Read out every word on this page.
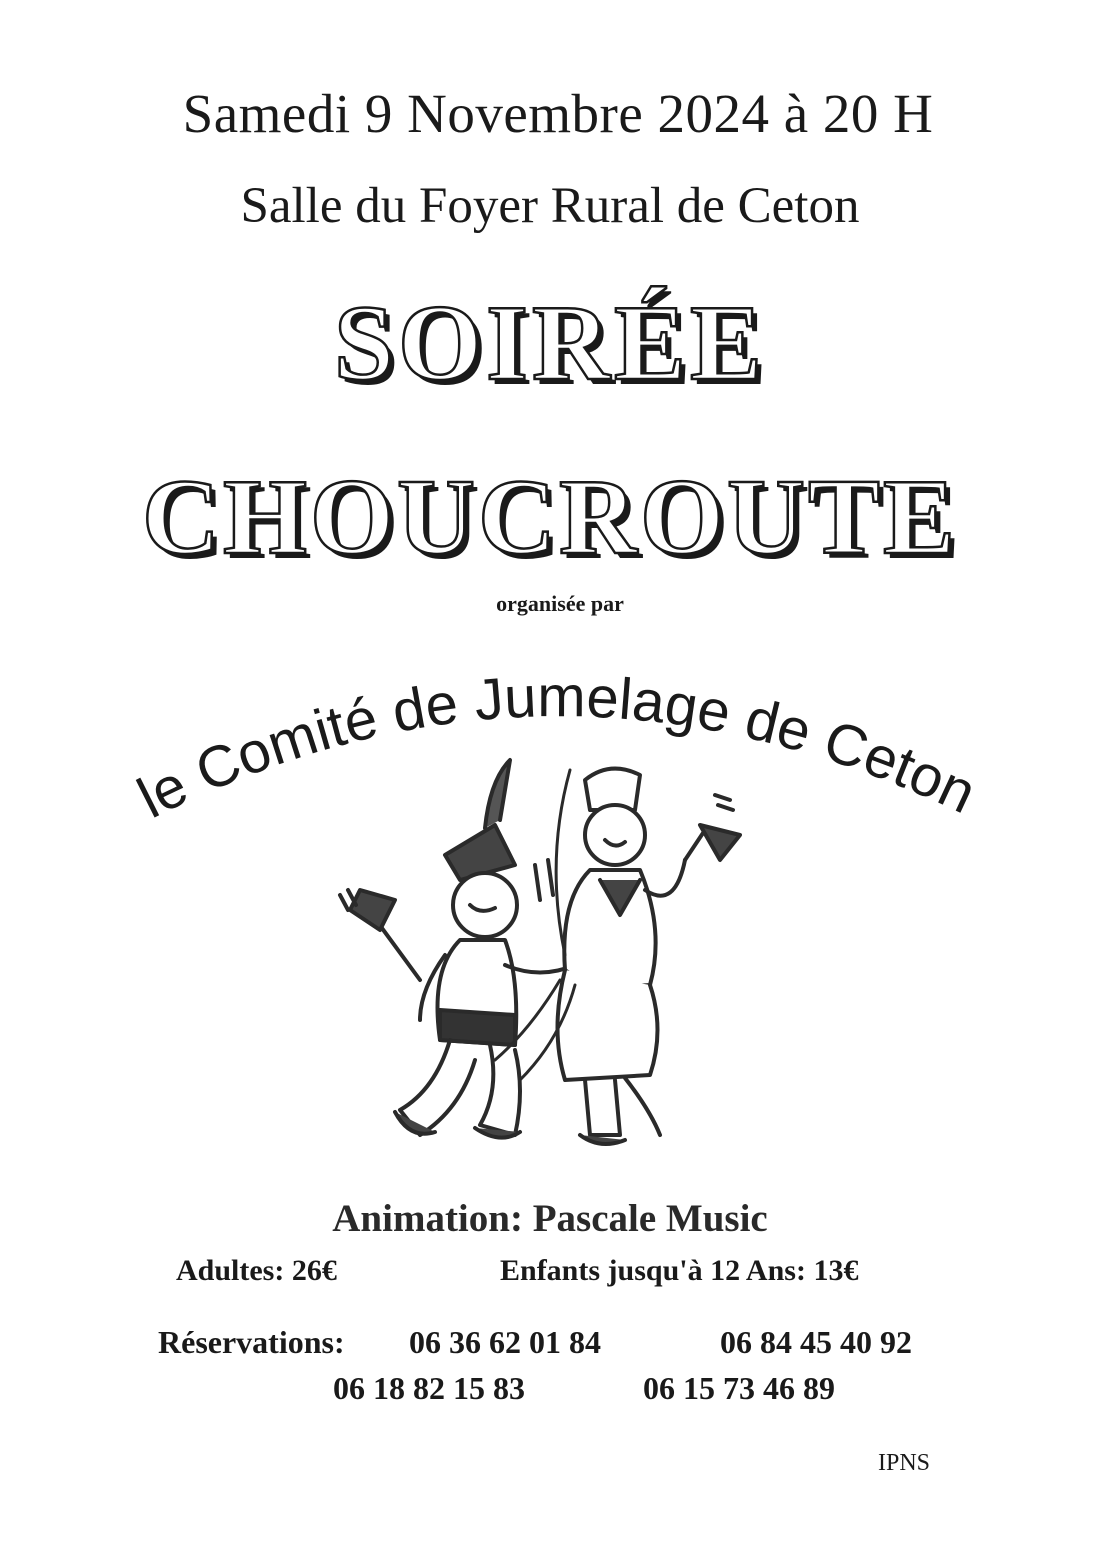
Samedi 9 Novembre 2024 à 20 H
Salle du Foyer Rural de Ceton
SOIRÉE
CHOUCROUTE
organisée par
le Comité de Jumelage de Ceton
Animation: Pascale Music
Adultes: 26€	Enfants jusqu'à 12 Ans: 13€
Réservations: 06 36 62 01 84	06 84 45 40 92
06 18 82 15 83	06 15 73 46 89
IPNS
